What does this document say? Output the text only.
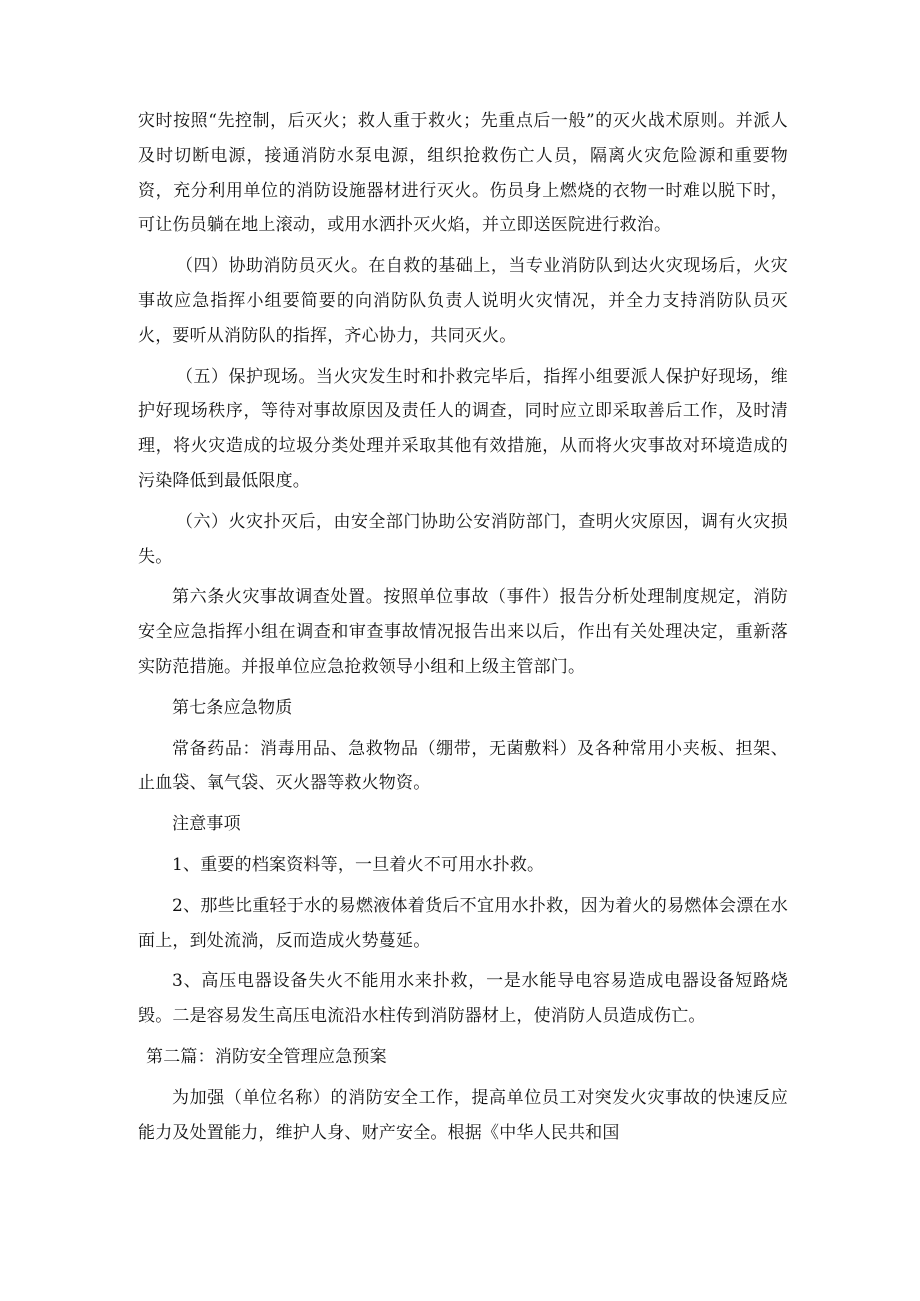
灾时按照“先控制，后灭火；救人重于救火；先重点后一般”的灭火战术原则。并派人及时切断电源，接通消防水泵电源，组织抢救伤亡人员，隔离火灾危险源和重要物资，充分利用单位的消防设施器材进行灭火。伤员身上燃烧的衣物一时难以脱下时，可让伤员躺在地上滚动，或用水洒扑灭火焰，并立即送医院进行救治。

（四）协助消防员灭火。在自救的基础上，当专业消防队到达火灾现场后，火灾事故应急指挥小组要简要的向消防队负责人说明火灾情况，并全力支持消防队员灭火，要听从消防队的指挥，齐心协力，共同灭火。

（五）保护现场。当火灾发生时和扑救完毕后，指挥小组要派人保护好现场，维护好现场秩序，等待对事故原因及责任人的调查，同时应立即采取善后工作，及时清理，将火灾造成的垃圾分类处理并采取其他有效措施，从而将火灾事故对环境造成的污染降低到最低限度。

（六）火灾扑灭后，由安全部门协助公安消防部门，查明火灾原因，调有火灾损失。

第六条火灾事故调查处置。按照单位事故（事件）报告分析处理制度规定，消防安全应急指挥小组在调查和审查事故情况报告出来以后，作出有关处理决定，重新落实防范措施。并报单位应急抢救领导小组和上级主管部门。

第七条应急物质

常备药品：消毒用品、急救物品（绷带，无菌敷料）及各种常用小夹板、担架、止血袋、氧气袋、灭火器等救火物资。

注意事项

1、重要的档案资料等，一旦着火不可用水扑救。

2、那些比重轻于水的易燃液体着货后不宜用水扑救，因为着火的易燃体会漂在水面上，到处流淌，反而造成火势蔓延。

3、高压电器设备失火不能用水来扑救，一是水能导电容易造成电器设备短路烧毁。二是容易发生高压电流沿水柱传到消防器材上，使消防人员造成伤亡。

第二篇：消防安全管理应急预案

为加强（单位名称）的消防安全工作，提高单位员工对突发火灾事故的快速反应能力及处置能力，维护人身、财产安全。根据《中华人民共和国
